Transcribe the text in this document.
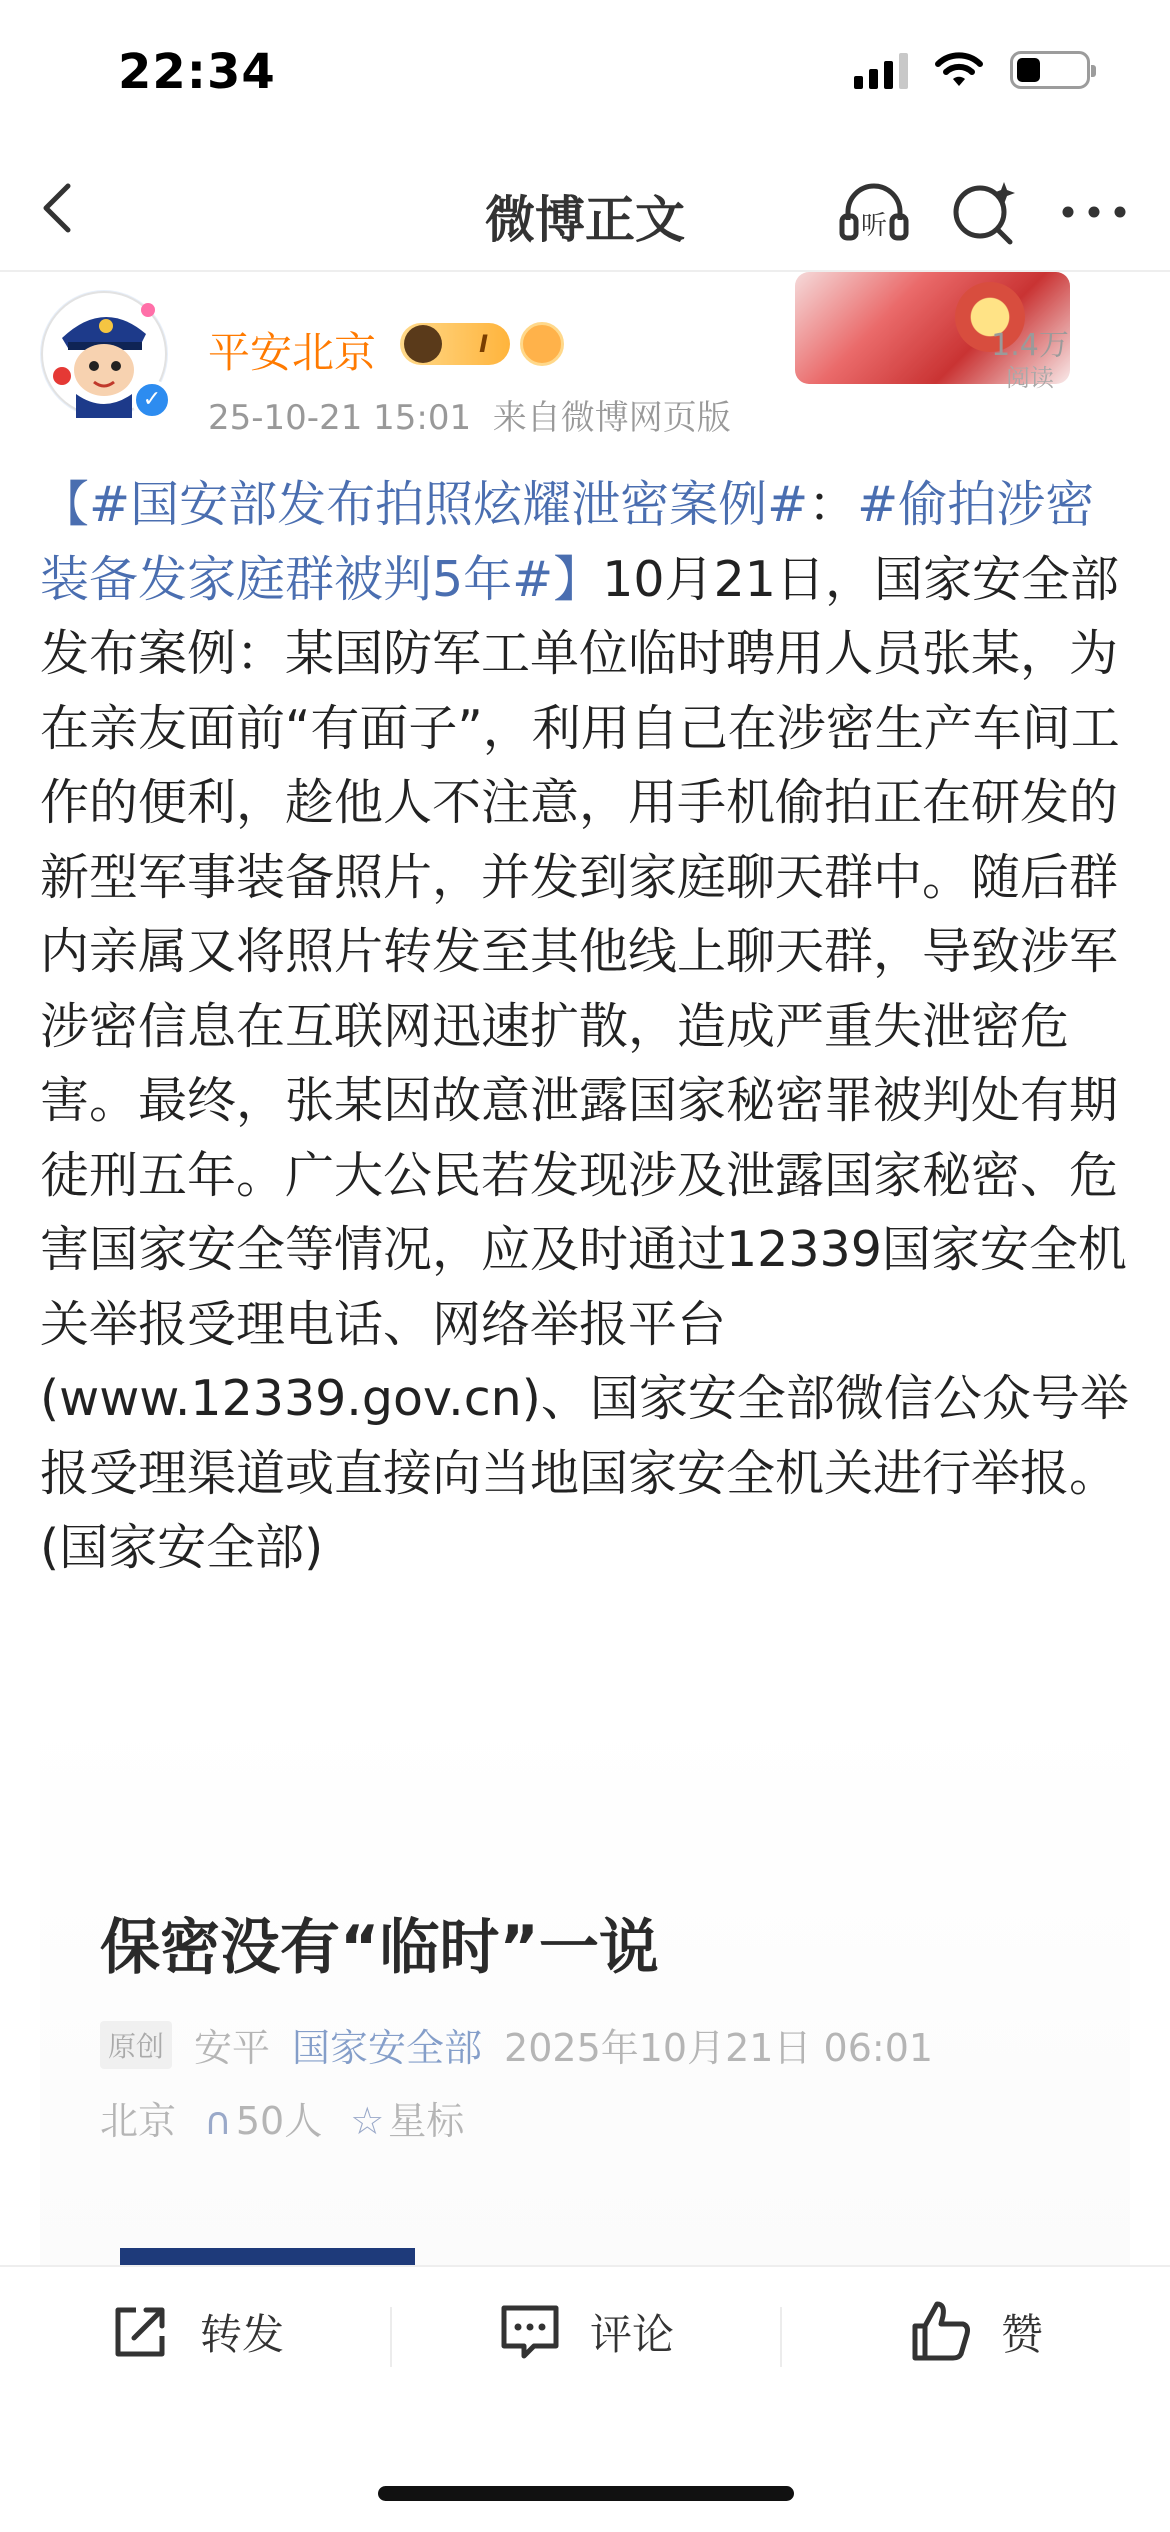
22:34
微博正文	听
✓
平安北京	I
25-10-21 15:01 来自微博网页版
1.4万
阅读
【#国安部发布拍照炫耀泄密案例#：#偷拍涉密装备发家庭群被判5年#】10月21日，国家安全部发布案例：某国防军工单位临时聘用人员张某，为在亲友面前“有面子”，利用自己在涉密生产车间工作的便利，趁他人不注意，用手机偷拍正在研发的新型军事装备照片，并发到家庭聊天群中。随后群内亲属又将照片转发至其他线上聊天群，导致涉军涉密信息在互联网迅速扩散，造成严重失泄密危害。最终，张某因故意泄露国家秘密罪被判处有期徒刑五年。广大公民若发现涉及泄露国家秘密、危害国家安全等情况，应及时通过12339国家安全机关举报受理电话、网络举报平台(www.12339.gov.cn)、国家安全部微信公众号举报受理渠道或直接向当地国家安全机关进行举报。(国家安全部)
保密没有“临时”一说
原创 安平 国家安全部 2025年10月21日 06:01
北京 ∩ 50人 ☆ 星标
转发	评论	赞
